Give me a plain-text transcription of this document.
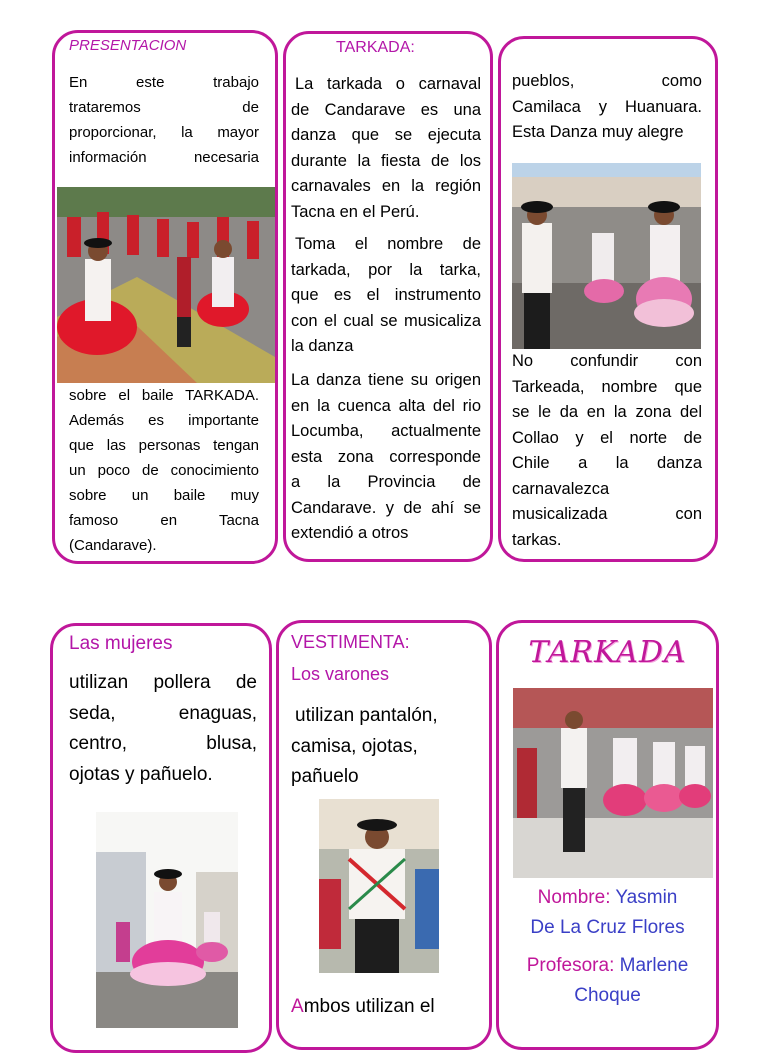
PRESENTACION
En este trabajo
trataremos de
proporcionar, la mayor
información necesaria
sobre el baile TARKADA.
Además es importante
que las personas tengan
un poco de conocimiento
sobre un baile muy
famoso en Tacna
(Candarave).
TARKADA:
La tarkada o carnaval
de Candarave es una
danza que se ejecuta
durante la fiesta de los
carnavales en la región
Tacna en el Perú.
Toma el nombre de
tarkada, por la tarka,
que es el instrumento
con el cual se musicaliza
la danza
La danza tiene su origen
en la cuenca alta del rio
Locumba, actualmente
esta zona corresponde
a la Provincia de
Candarave. y de ahí se
extendió a otros
pueblos, como
Camilaca y Huanuara.
Esta Danza muy alegre
No confundir con
Tarkeada, nombre que
se le da en la zona del
Collao y el norte de
Chile a la danza
carnavalezca
musicalizada con
tarkas.
Las mujeres
utilizan pollera de
seda, enaguas,
centro, blusa,
ojotas y pañuelo.
VESTIMENTA:
Los varones
utilizan pantalón,
camisa, ojotas,
pañuelo
Ambos utilizan el
TARKADA
Nombre: Yasmin
De La Cruz Flores
Profesora: Marlene
Choque
